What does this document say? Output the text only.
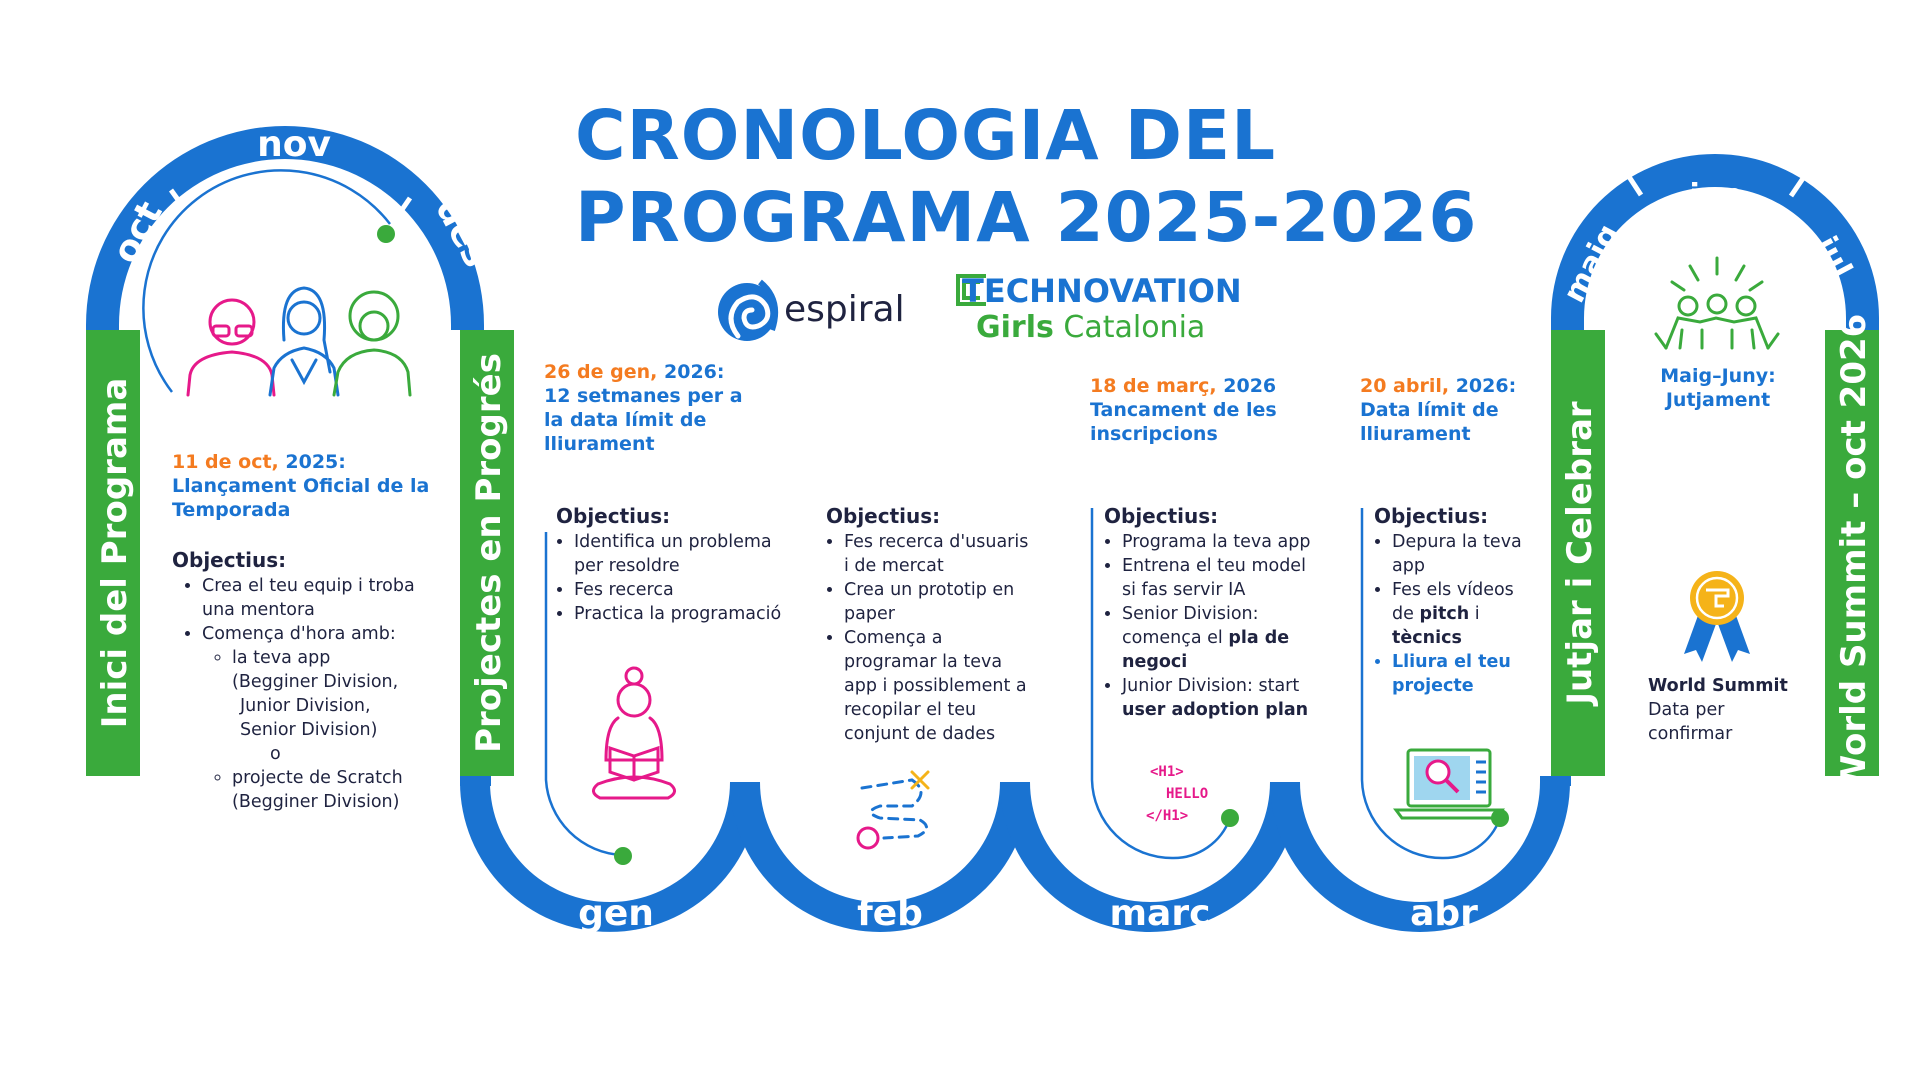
oct
nov
des
gen	feb	març	abr
maig
jun
jul
Inici del Programa	Projectes en Progrés	Jutjar i Celebrar	World Summit – oct 2026
<H1>
HELLO
</H1>
CRONOLOGIA DEL
PROGRAMA 2025-2026
espiral TECHNOVATION
Girls Catalonia
11 de oct, 2025:
Llançament Oficial de la
Temporada
Objectius:
• Crea el teu equip i troba una mentora
• Comença d'hora amb:
◦ la teva app
(Begginer Division,
Junior Division,
Senior Division)
o
◦ projecte de Scratch
(Begginer Division)
26 de gen, 2026:
12 setmanes per a la data límit de lliurament
Objectius:
• Identifica un problema per resoldre
• Fes recerca
• Practica la programació
Objectius:
• Fes recerca d'usuaris i de mercat
• Crea un prototip en paper
• Comença a programar la teva app i possiblement a recopilar el teu conjunt de dades
18 de març, 2026
Tancament de les inscripcions
Objectius:
• Programa la teva app
• Entrena el teu model si fas servir IA
• Senior Division: comença el pla de negoci
• Junior Division: start user adoption plan
20 abril, 2026:
Data límit de lliurament
Objectius:
• Depura la teva app
• Fes els vídeos de pitch i tècnics
• Lliura el teu projecte
Maig–Juny:
Jutjament
World Summit
Data per
confirmar
